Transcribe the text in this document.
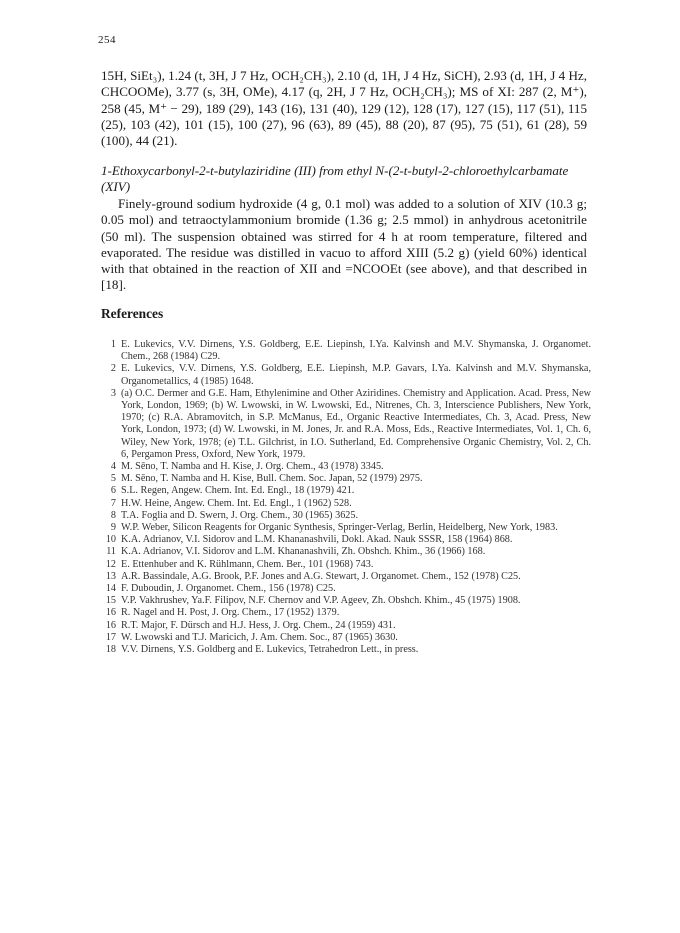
254
15H, SiEt₃), 1.24 (t, 3H, J 7 Hz, OCH₂CH₃), 2.10 (d, 1H, J 4 Hz, SiCH), 2.93 (d, 1H, J 4 Hz, CHCOOMe), 3.77 (s, 3H, OMe), 4.17 (q, 2H, J 7 Hz, OCH₂CH₃); MS of XI: 287 (2, M⁺), 258 (45, M⁺ − 29), 189 (29), 143 (16), 131 (40), 129 (12), 128 (17), 127 (15), 117 (51), 115 (25), 103 (42), 101 (15), 100 (27), 96 (63), 89 (45), 88 (20), 87 (95), 75 (51), 61 (28), 59 (100), 44 (21).
1-Ethoxycarbonyl-2-t-butylaziridine (III) from ethyl N-(2-t-butyl-2-chloroethylcarbamate (XIV)
Finely-ground sodium hydroxide (4 g, 0.1 mol) was added to a solution of XIV (10.3 g; 0.05 mol) and tetraoctylammonium bromide (1.36 g; 2.5 mmol) in anhydrous acetonitrile (50 ml). The suspension obtained was stirred for 4 h at room temperature, filtered and evaporated. The residue was distilled in vacuo to afford XIII (5.2 g) (yield 60%) identical with that obtained in the reaction of XII and =NCOOEt (see above), and that described in [18].
References
1 E. Lukevics, V.V. Dirnens, Y.S. Goldberg, E.E. Liepinsh, I.Ya. Kalvinsh and M.V. Shymanska, J. Organomet. Chem., 268 (1984) C29.
2 E. Lukevics, V.V. Dirnens, Y.S. Goldberg, E.E. Liepinsh, M.P. Gavars, I.Ya. Kalvinsh and M.V. Shymanska, Organometallics, 4 (1985) 1648.
3 (a) O.C. Dermer and G.E. Ham, Ethylenimine and Other Aziridines. Chemistry and Application. Acad. Press, New York, London, 1969; (b) W. Lwowski, in W. Lwowski, Ed., Nitrenes, Ch. 3, Interscience Publishers, New York, 1970; (c) R.A. Abramovitch, in S.P. McManus, Ed., Organic Reactive Intermediates, Ch. 3, Acad. Press, New York, London, 1973; (d) W. Lwowski, in M. Jones, Jr. and R.A. Moss, Eds., Reactive Intermediates, Vol. 1, Ch. 6, Wiley, New York, 1978; (e) T.L. Gilchrist, in I.O. Sutherland, Ed. Comprehensive Organic Chemistry, Vol. 2, Ch. 6, Pergamon Press, Oxford, New York, 1979.
4 M. Sēno, T. Namba and H. Kise, J. Org. Chem., 43 (1978) 3345.
5 M. Sēno, T. Namba and H. Kise, Bull. Chem. Soc. Japan, 52 (1979) 2975.
6 S.L. Regen, Angew. Chem. Int. Ed. Engl., 18 (1979) 421.
7 H.W. Heine, Angew. Chem. Int. Ed. Engl., 1 (1962) 528.
8 T.A. Foglia and D. Swern, J. Org. Chem., 30 (1965) 3625.
9 W.P. Weber, Silicon Reagents for Organic Synthesis, Springer-Verlag, Berlin, Heidelberg, New York, 1983.
10 K.A. Adrianov, V.I. Sidorov and L.M. Khananashvili, Dokl. Akad. Nauk SSSR, 158 (1964) 868.
11 K.A. Adrianov, V.I. Sidorov and L.M. Khananashvili, Zh. Obshch. Khim., 36 (1966) 168.
12 E. Ettenhuber and K. Rühlmann, Chem. Ber., 101 (1968) 743.
13 A.R. Bassindale, A.G. Brook, P.F. Jones and A.G. Stewart, J. Organomet. Chem., 152 (1978) C25.
14 F. Duboudin, J. Organomet. Chem., 156 (1978) C25.
15 V.P. Vakhrushev, Ya.F. Filipov, N.F. Chernov and V.P. Ageev, Zh. Obshch. Khim., 45 (1975) 1908.
16 R. Nagel and H. Post, J. Org. Chem., 17 (1952) 1379.
16 R.T. Major, F. Dürsch and H.J. Hess, J. Org. Chem., 24 (1959) 431.
17 W. Lwowski and T.J. Maricich, J. Am. Chem. Soc., 87 (1965) 3630.
18 V.V. Dirnens, Y.S. Goldberg and E. Lukevics, Tetrahedron Lett., in press.
